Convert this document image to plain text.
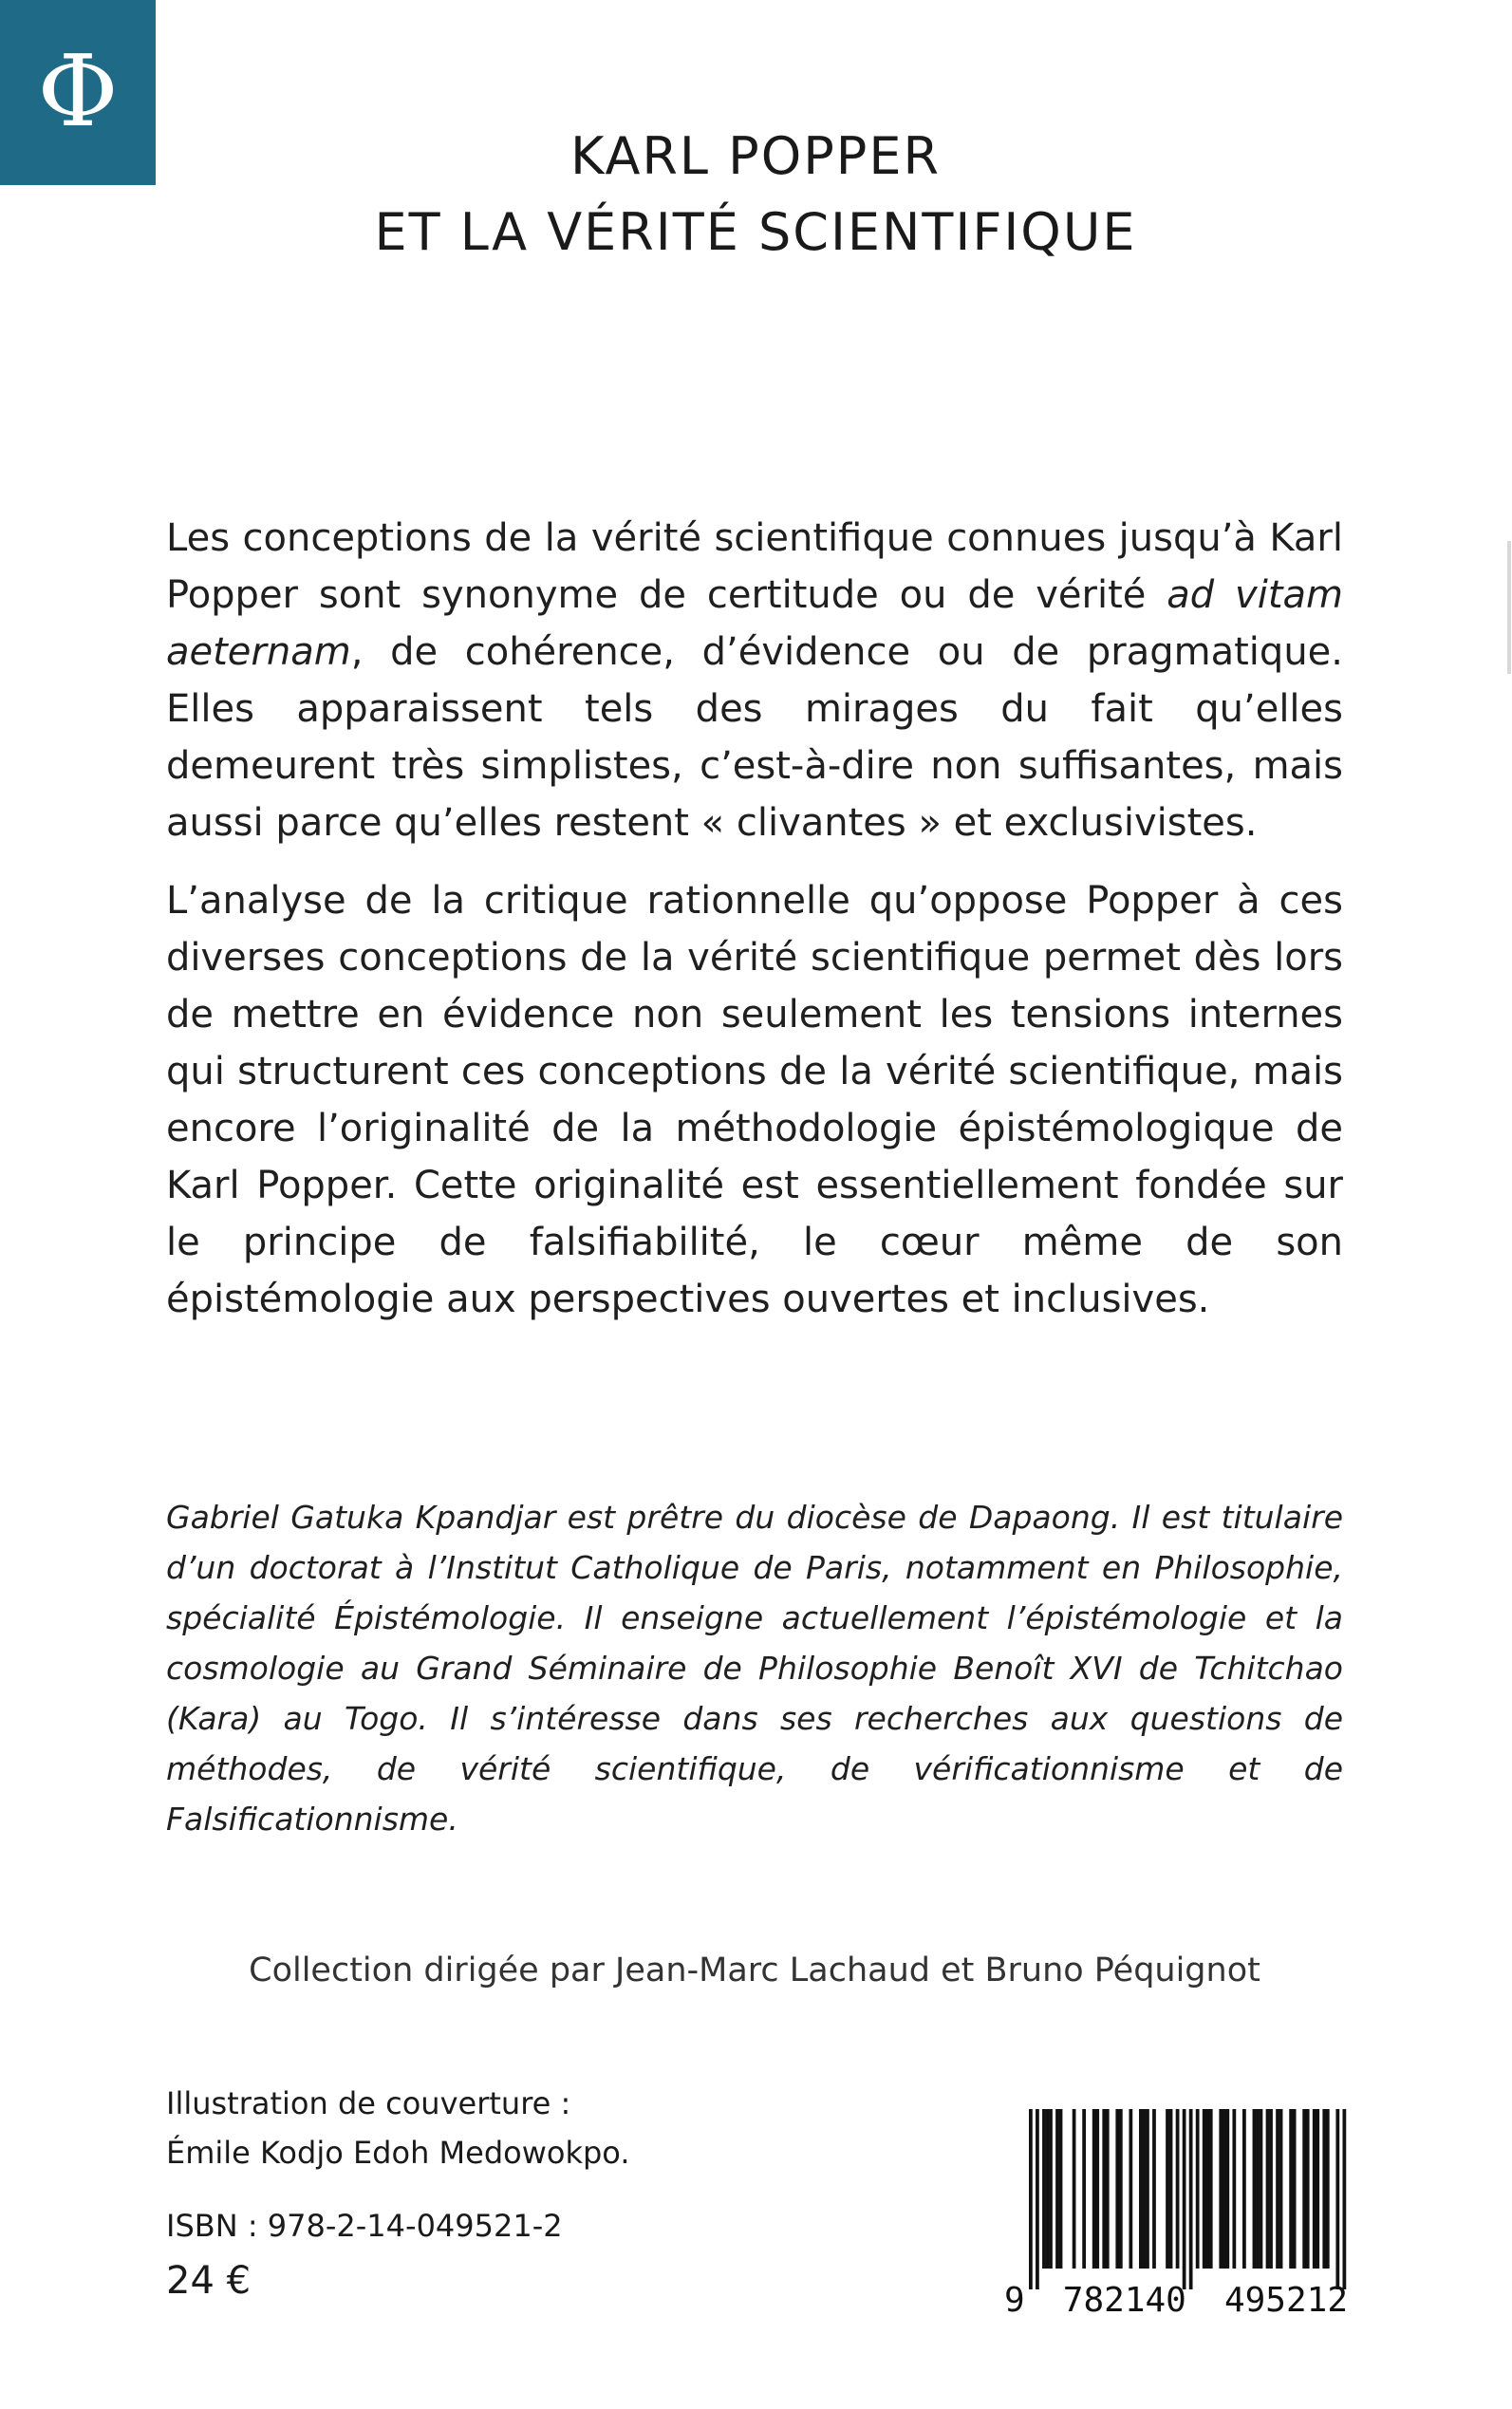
Φ
KARL POPPER
ET LA VÉRITÉ SCIENTIFIQUE

Les conceptions de la vérité scientifique connues jusqu’à Karl Popper sont synonyme de certitude ou de vérité ad vitam aeternam, de cohérence, d’évidence ou de pragmatique. Elles apparaissent tels des mirages du fait qu’elles demeurent très simplistes, c’est-à-dire non suffisantes, mais aussi parce qu’elles restent « clivantes » et exclusivistes.

L’analyse de la critique rationnelle qu’oppose Popper à ces diverses conceptions de la vérité scientifique permet dès lors de mettre en évidence non seulement les tensions internes qui structurent ces conceptions de la vérité scientifique, mais encore l’originalité de la méthodologie épistémologique de Karl Popper. Cette originalité est essentiellement fondée sur le principe de falsifiabilité, le cœur même de son épistémologie aux perspectives ouvertes et inclusives.

Gabriel Gatuka Kpandjar est prêtre du diocèse de Dapaong. Il est titulaire d’un doctorat à l’Institut Catholique de Paris, notamment en Philosophie, spécialité Épistémologie. Il enseigne actuellement l’épistémologie et la cosmologie au Grand Séminaire de Philosophie Benoît XVI de Tchitchao (Kara) au Togo. Il s’intéresse dans ses recherches aux questions de méthodes, de vérité scientifique, de vérificationnisme et de Falsificationnisme.
Collection dirigée par Jean-Marc Lachaud et Bruno Péquignot
Illustration de couverture :
Émile Kodjo Edoh Medowokpo.
ISBN : 978-2-14-049521-2
24 €	9 782140 495212
